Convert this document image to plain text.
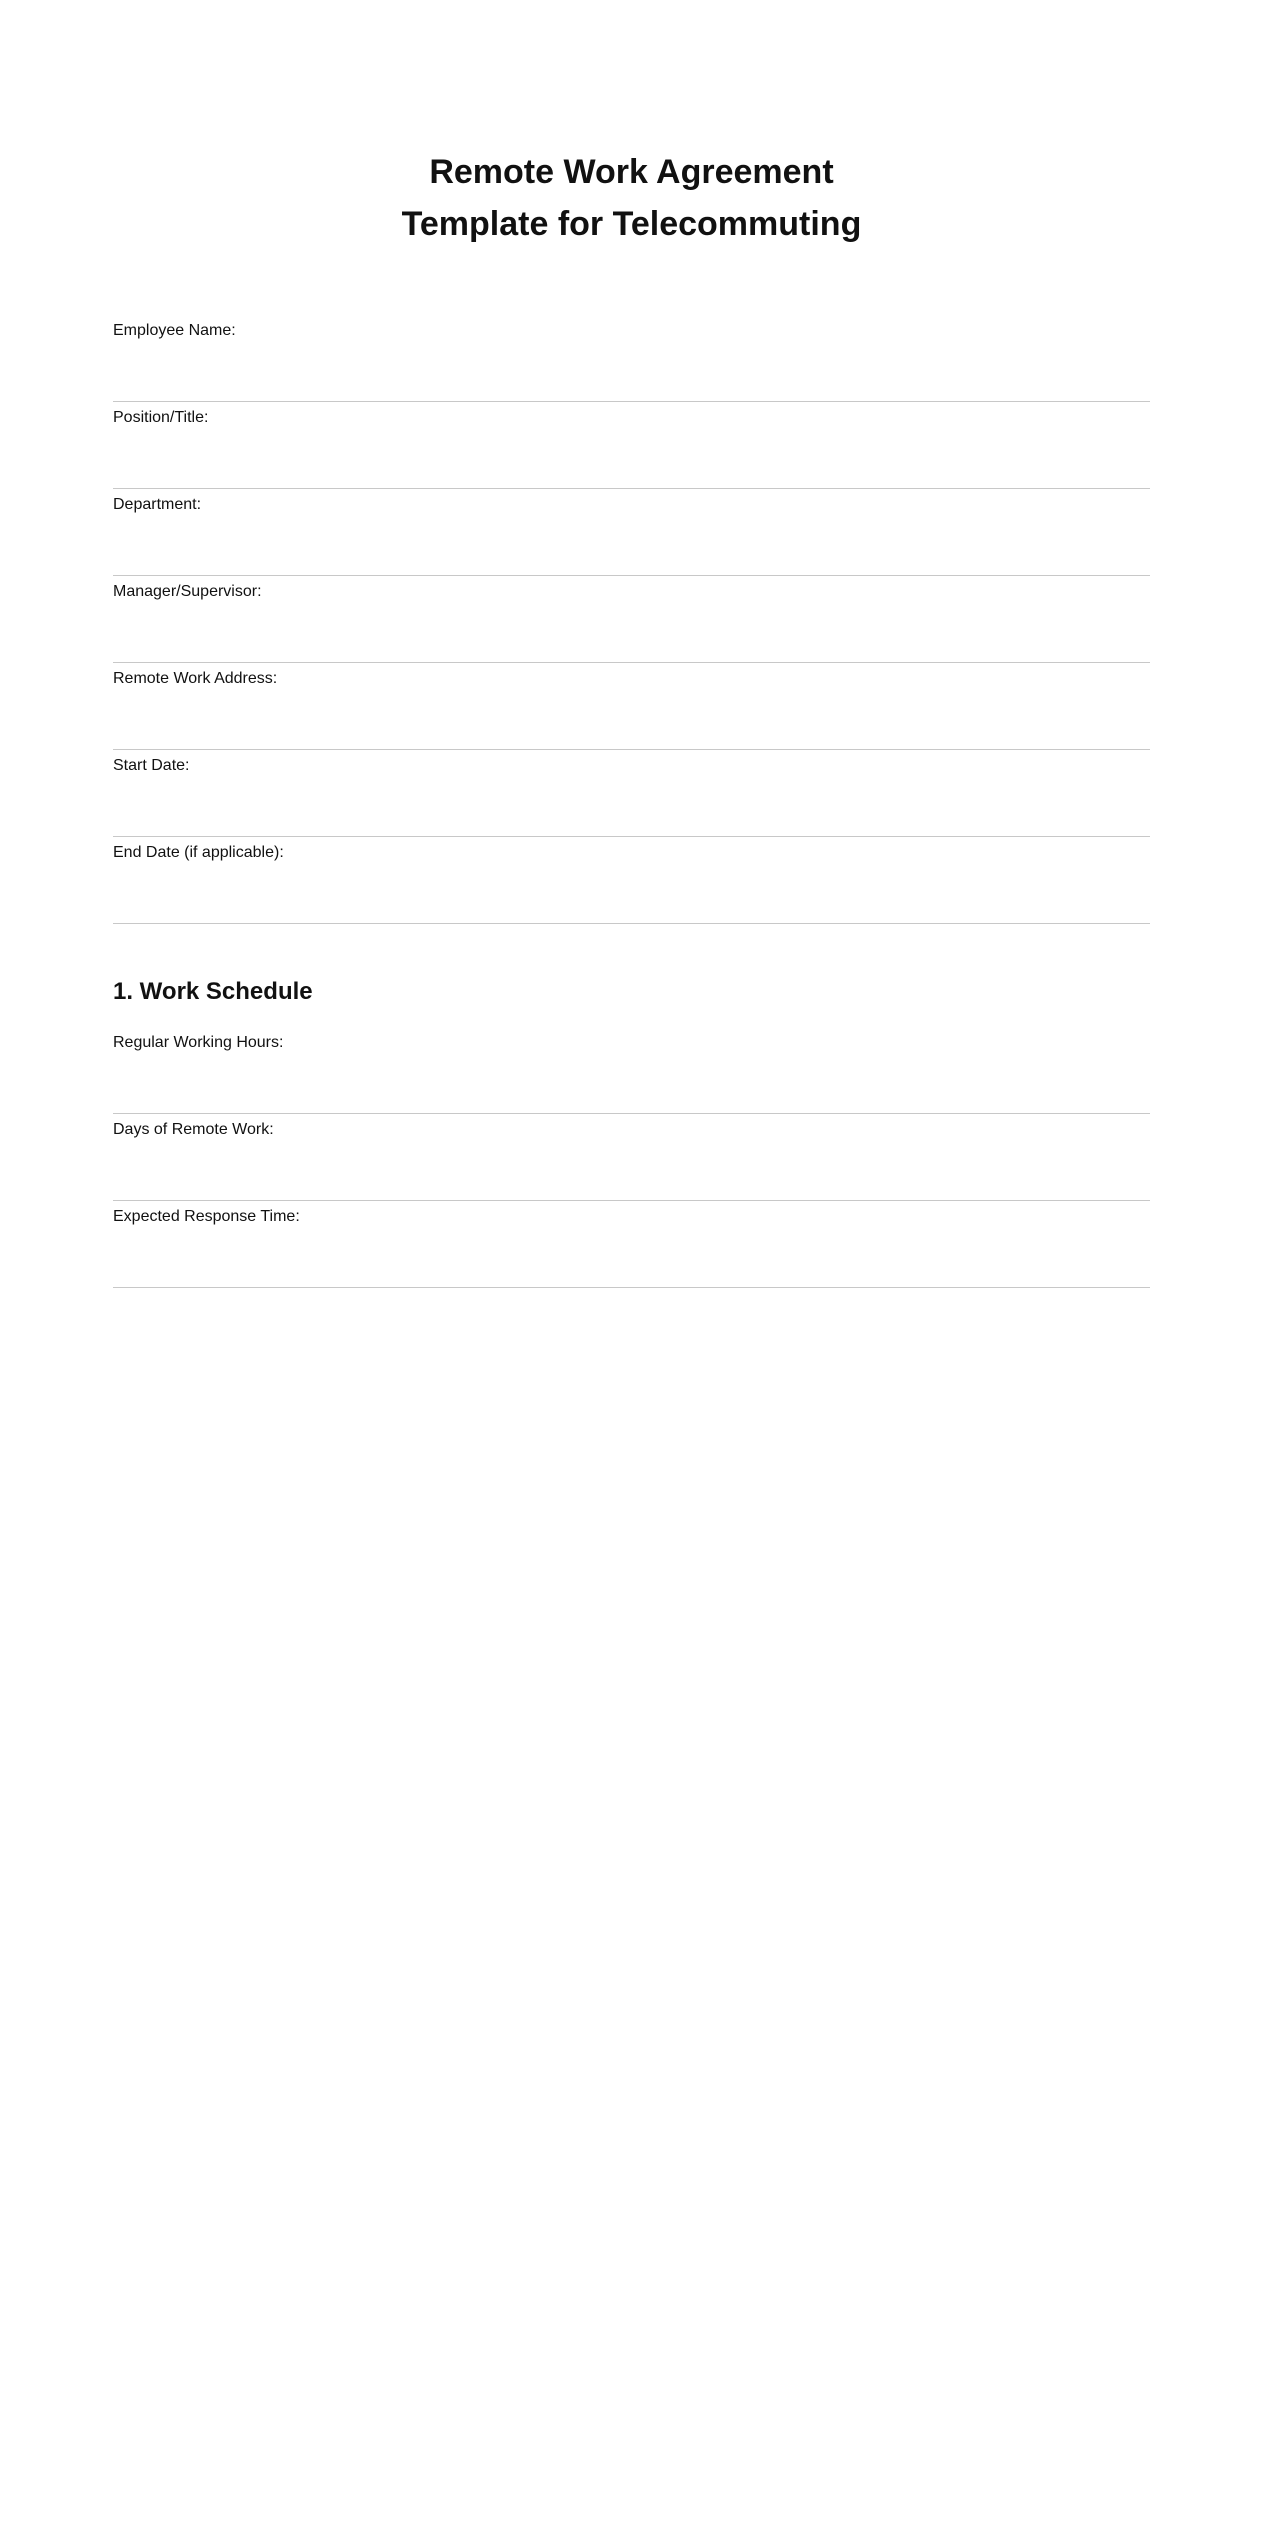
Remote Work Agreement
Template for Telecommuting
Employee Name:
Position/Title:
Department:
Manager/Supervisor:
Remote Work Address:
Start Date:
End Date (if applicable):
1. Work Schedule
Regular Working Hours:
Days of Remote Work:
Expected Response Time:
